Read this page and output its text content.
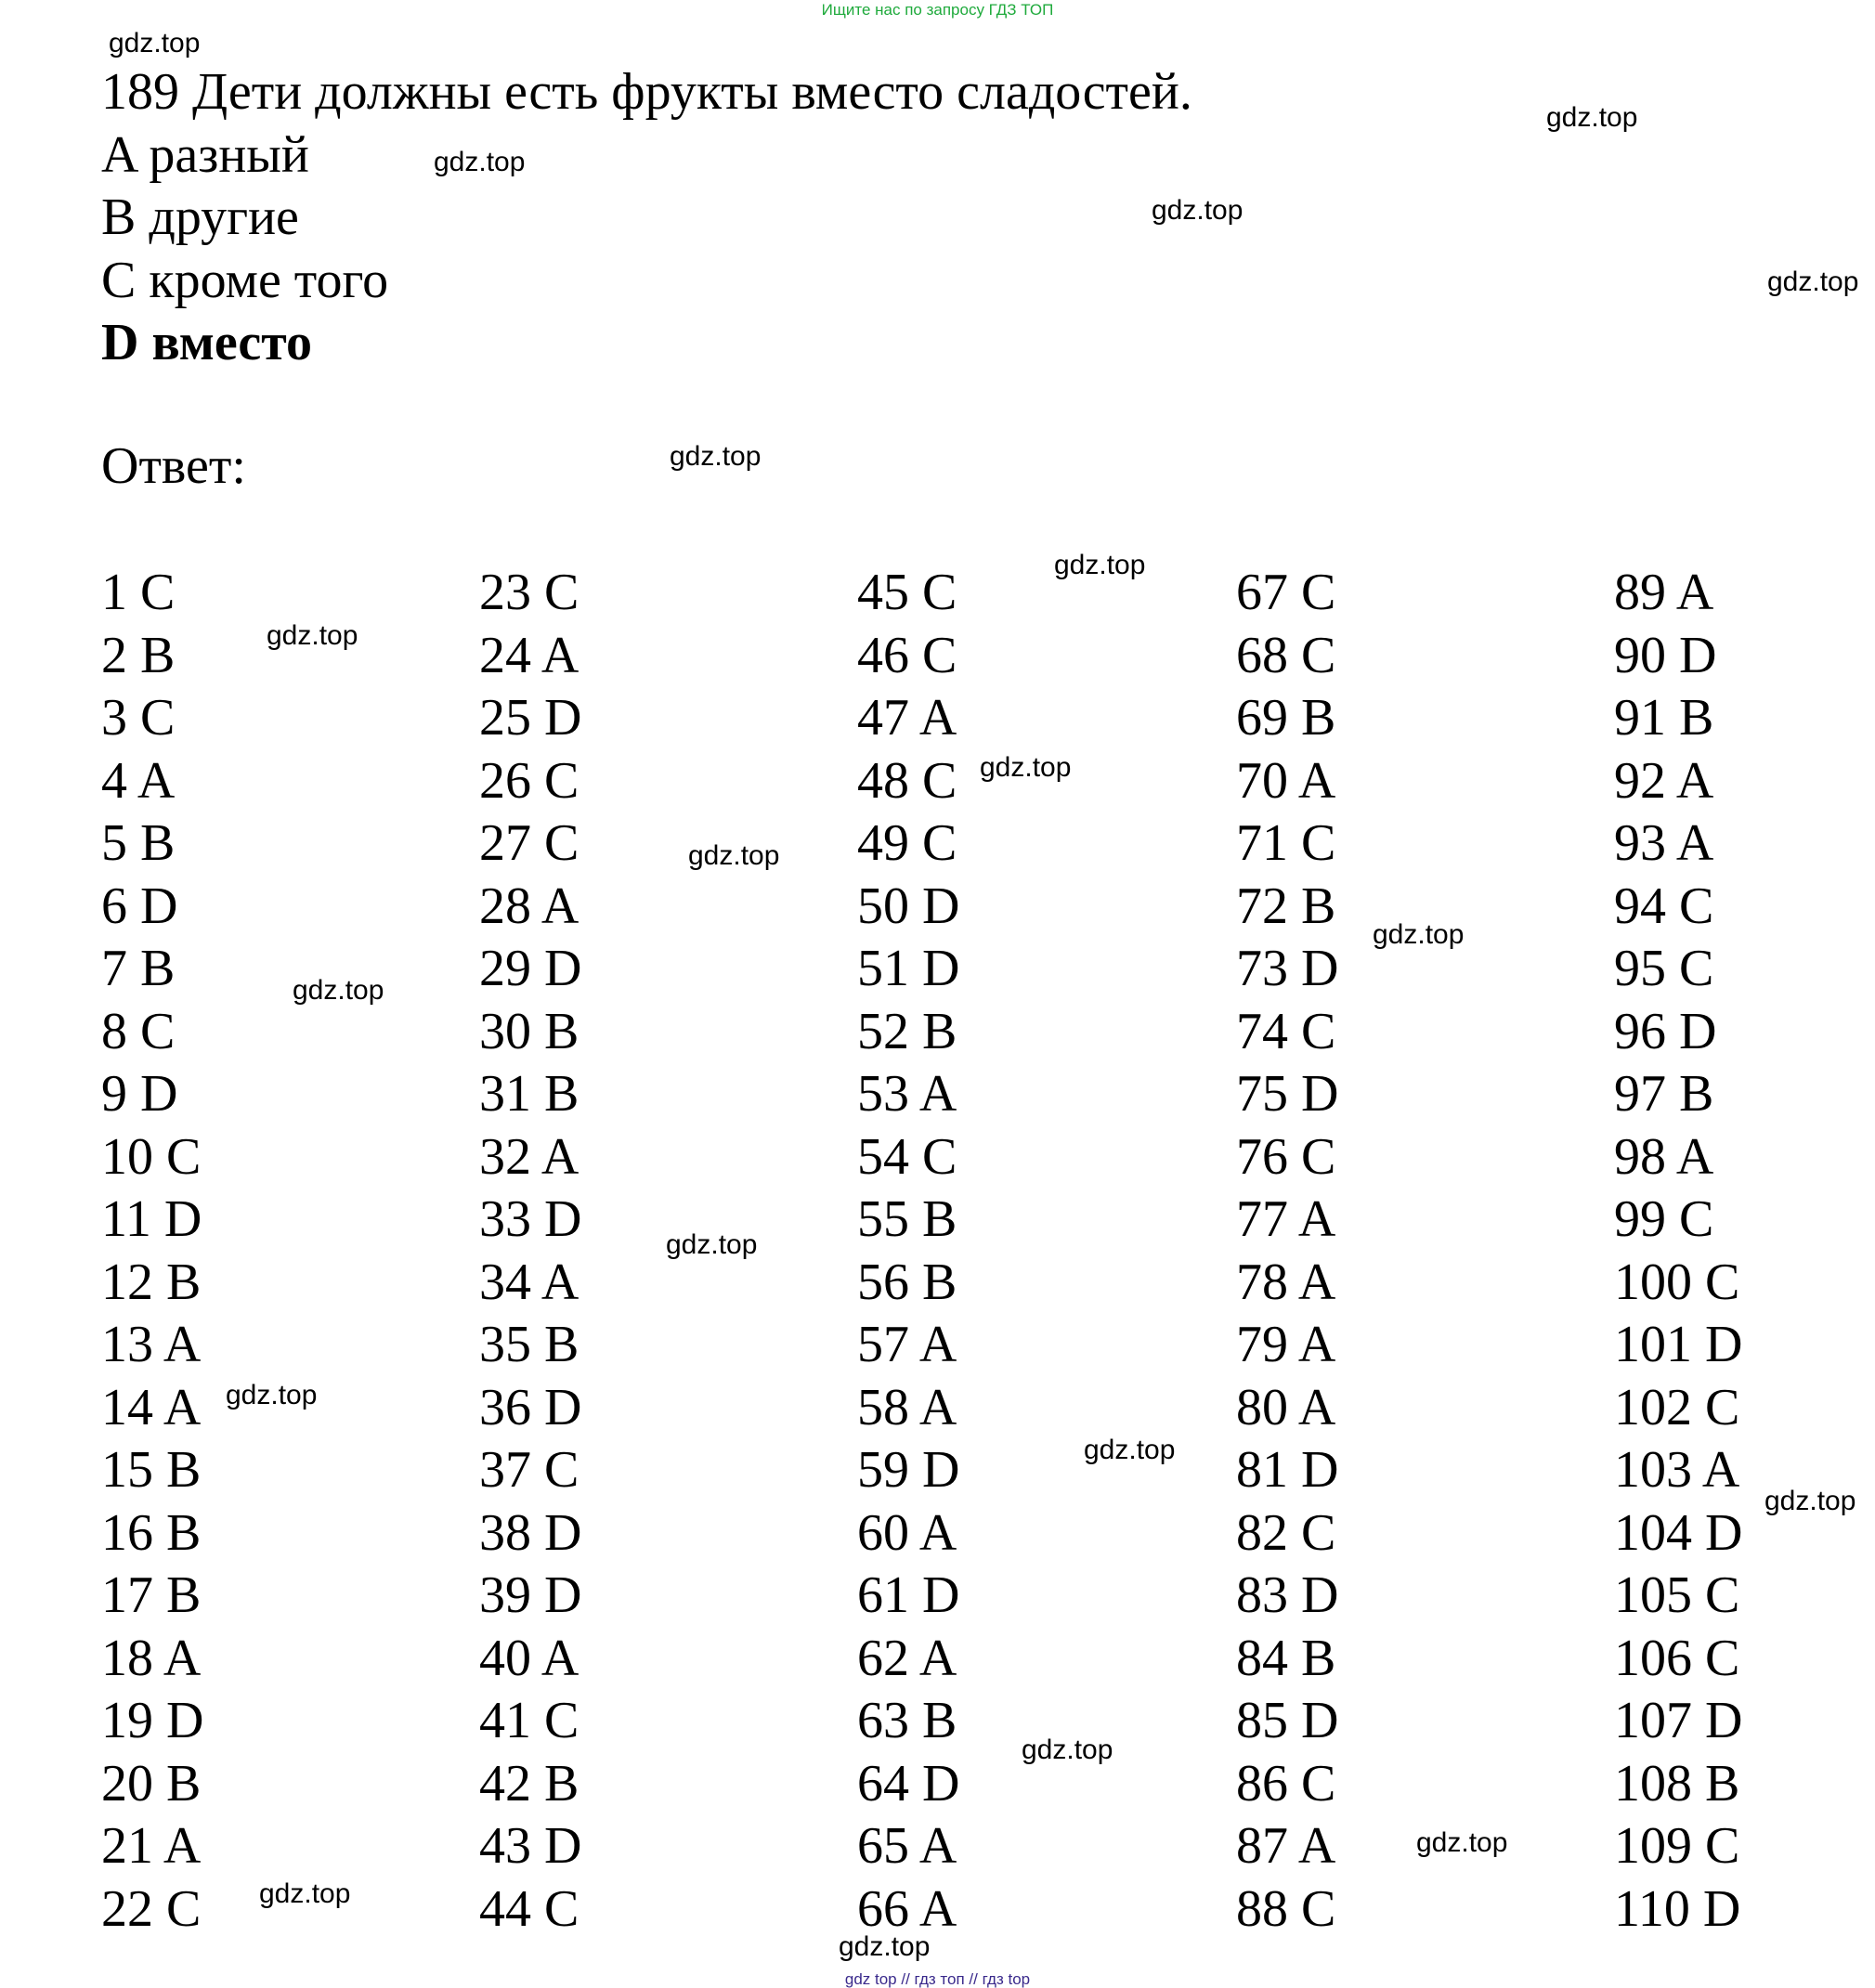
Ищите нас по запросу ГДЗ ТОП
189 Дети должны есть фрукты вместо сладостей.
A разный
B другие
C кроме того
D вместо
Ответ:
1 C
2 B
3 C
4 A
5 B
6 D
7 B
8 C
9 D
10 C
11 D
12 B
13 A
14 A
15 B
16 B
17 B
18 A
19 D
20 B
21 A
22 C
23 C
24 A
25 D
26 C
27 C
28 A
29 D
30 B
31 B
32 A
33 D
34 A
35 B
36 D
37 C
38 D
39 D
40 A
41 C
42 B
43 D
44 C
45 C
46 C
47 A
48 C
49 C
50 D
51 D
52 B
53 A
54 C
55 B
56 B
57 A
58 A
59 D
60 A
61 D
62 A
63 B
64 D
65 A
66 A
67 C
68 C
69 B
70 A
71 C
72 B
73 D
74 C
75 D
76 C
77 A
78 A
79 A
80 A
81 D
82 C
83 D
84 B
85 D
86 C
87 A
88 C
89 A
90 D
91 B
92 A
93 A
94 C
95 C
96 D
97 B
98 A
99 C
100 C
101 D
102 C
103 A
104 D
105 C
106 C
107 D
108 B
109 C
110 D
gdz.top
gdz.top
gdz.top
gdz.top
gdz.top
gdz.top
gdz.top
gdz.top
gdz.top
gdz.top
gdz.top
gdz.top
gdz.top
gdz.top
gdz.top
gdz.top
gdz.top
gdz.top
gdz.top
gdz.top
gdz top // гдз топ // гдз top
